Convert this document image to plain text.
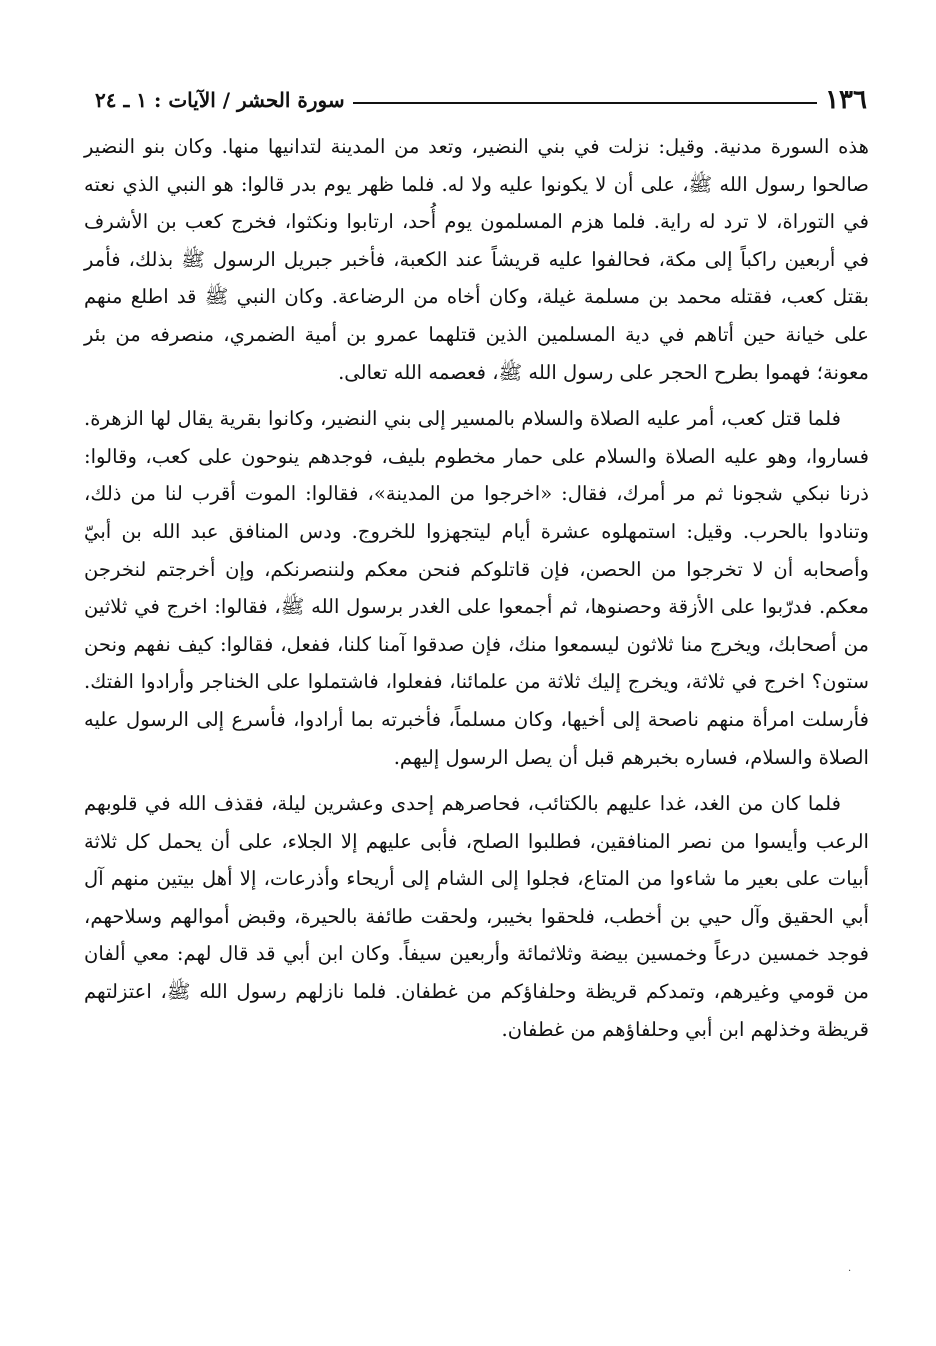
١٣٦
سورة الحشر / الآيات : ١ ـ ٢٤

هذه السورة مدنية. وقيل: نزلت في بني النضير، وتعد من المدينة لتدانيها منها. وكان بنو النضير صالحوا رسول الله ﷺ، على أن لا يكونوا عليه ولا له. فلما ظهر يوم بدر قالوا: هو النبي الذي نعته في التوراة، لا ترد له راية. فلما هزم المسلمون يوم أُحد، ارتابوا ونكثوا، فخرج كعب بن الأشرف في أربعين راكباً إلى مكة، فحالفوا عليه قريشاً عند الكعبة، فأخبر جبريل الرسول ﷺ بذلك، فأمر بقتل كعب، فقتله محمد بن مسلمة غيلة، وكان أخاه من الرضاعة. وكان النبي ﷺ قد اطلع منهم على خيانة حين أتاهم في دية المسلمين الذين قتلهما عمرو بن أمية الضمري، منصرفه من بئر معونة؛ فهموا بطرح الحجر على رسول الله ﷺ، فعصمه الله تعالى.

فلما قتل كعب، أمر عليه الصلاة والسلام بالمسير إلى بني النضير، وكانوا بقرية يقال لها الزهرة. فساروا، وهو عليه الصلاة والسلام على حمار مخطوم بليف، فوجدهم ينوحون على كعب، وقالوا: ذرنا نبكي شجونا ثم مر أمرك، فقال: «اخرجوا من المدينة»، فقالوا: الموت أقرب لنا من ذلك، وتنادوا بالحرب. وقيل: استمهلوه عشرة أيام ليتجهزوا للخروج. ودس المنافق عبد الله بن أبيّ وأصحابه أن لا تخرجوا من الحصن، فإن قاتلوكم فنحن معكم ولننصرنكم، وإن أخرجتم لنخرجن معكم. فدرّبوا على الأزقة وحصنوها، ثم أجمعوا على الغدر برسول الله ﷺ، فقالوا: اخرج في ثلاثين من أصحابك، ويخرج منا ثلاثون ليسمعوا منك، فإن صدقوا آمنا كلنا، ففعل، فقالوا: كيف نفهم ونحن ستون؟ اخرج في ثلاثة، ويخرج إليك ثلاثة من علمائنا، ففعلوا، فاشتملوا على الخناجر وأرادوا الفتك. فأرسلت امرأة منهم ناصحة إلى أخيها، وكان مسلماً، فأخبرته بما أرادوا، فأسرع إلى الرسول عليه الصلاة والسلام، فساره بخبرهم قبل أن يصل الرسول إليهم.

فلما كان من الغد، غدا عليهم بالكتائب، فحاصرهم إحدى وعشرين ليلة، فقذف الله في قلوبهم الرعب وأيسوا من نصر المنافقين، فطلبوا الصلح، فأبى عليهم إلا الجلاء، على أن يحمل كل ثلاثة أبيات على بعير ما شاءوا من المتاع، فجلوا إلى الشام إلى أريحاء وأذرعات، إلا أهل بيتين منهم آل أبي الحقيق وآل حيي بن أخطب، فلحقوا بخيبر، ولحقت طائفة بالحيرة، وقبض أموالهم وسلاحهم، فوجد خمسين درعاً وخمسين بيضة وثلاثمائة وأربعين سيفاً. وكان ابن أبي قد قال لهم: معي ألفان من قومي وغيرهم، وتمدكم قريظة وحلفاؤكم من غطفان. فلما نازلهم رسول الله ﷺ، اعتزلتهم قريظة وخذلهم ابن أبي وحلفاؤهم من غطفان.

·
